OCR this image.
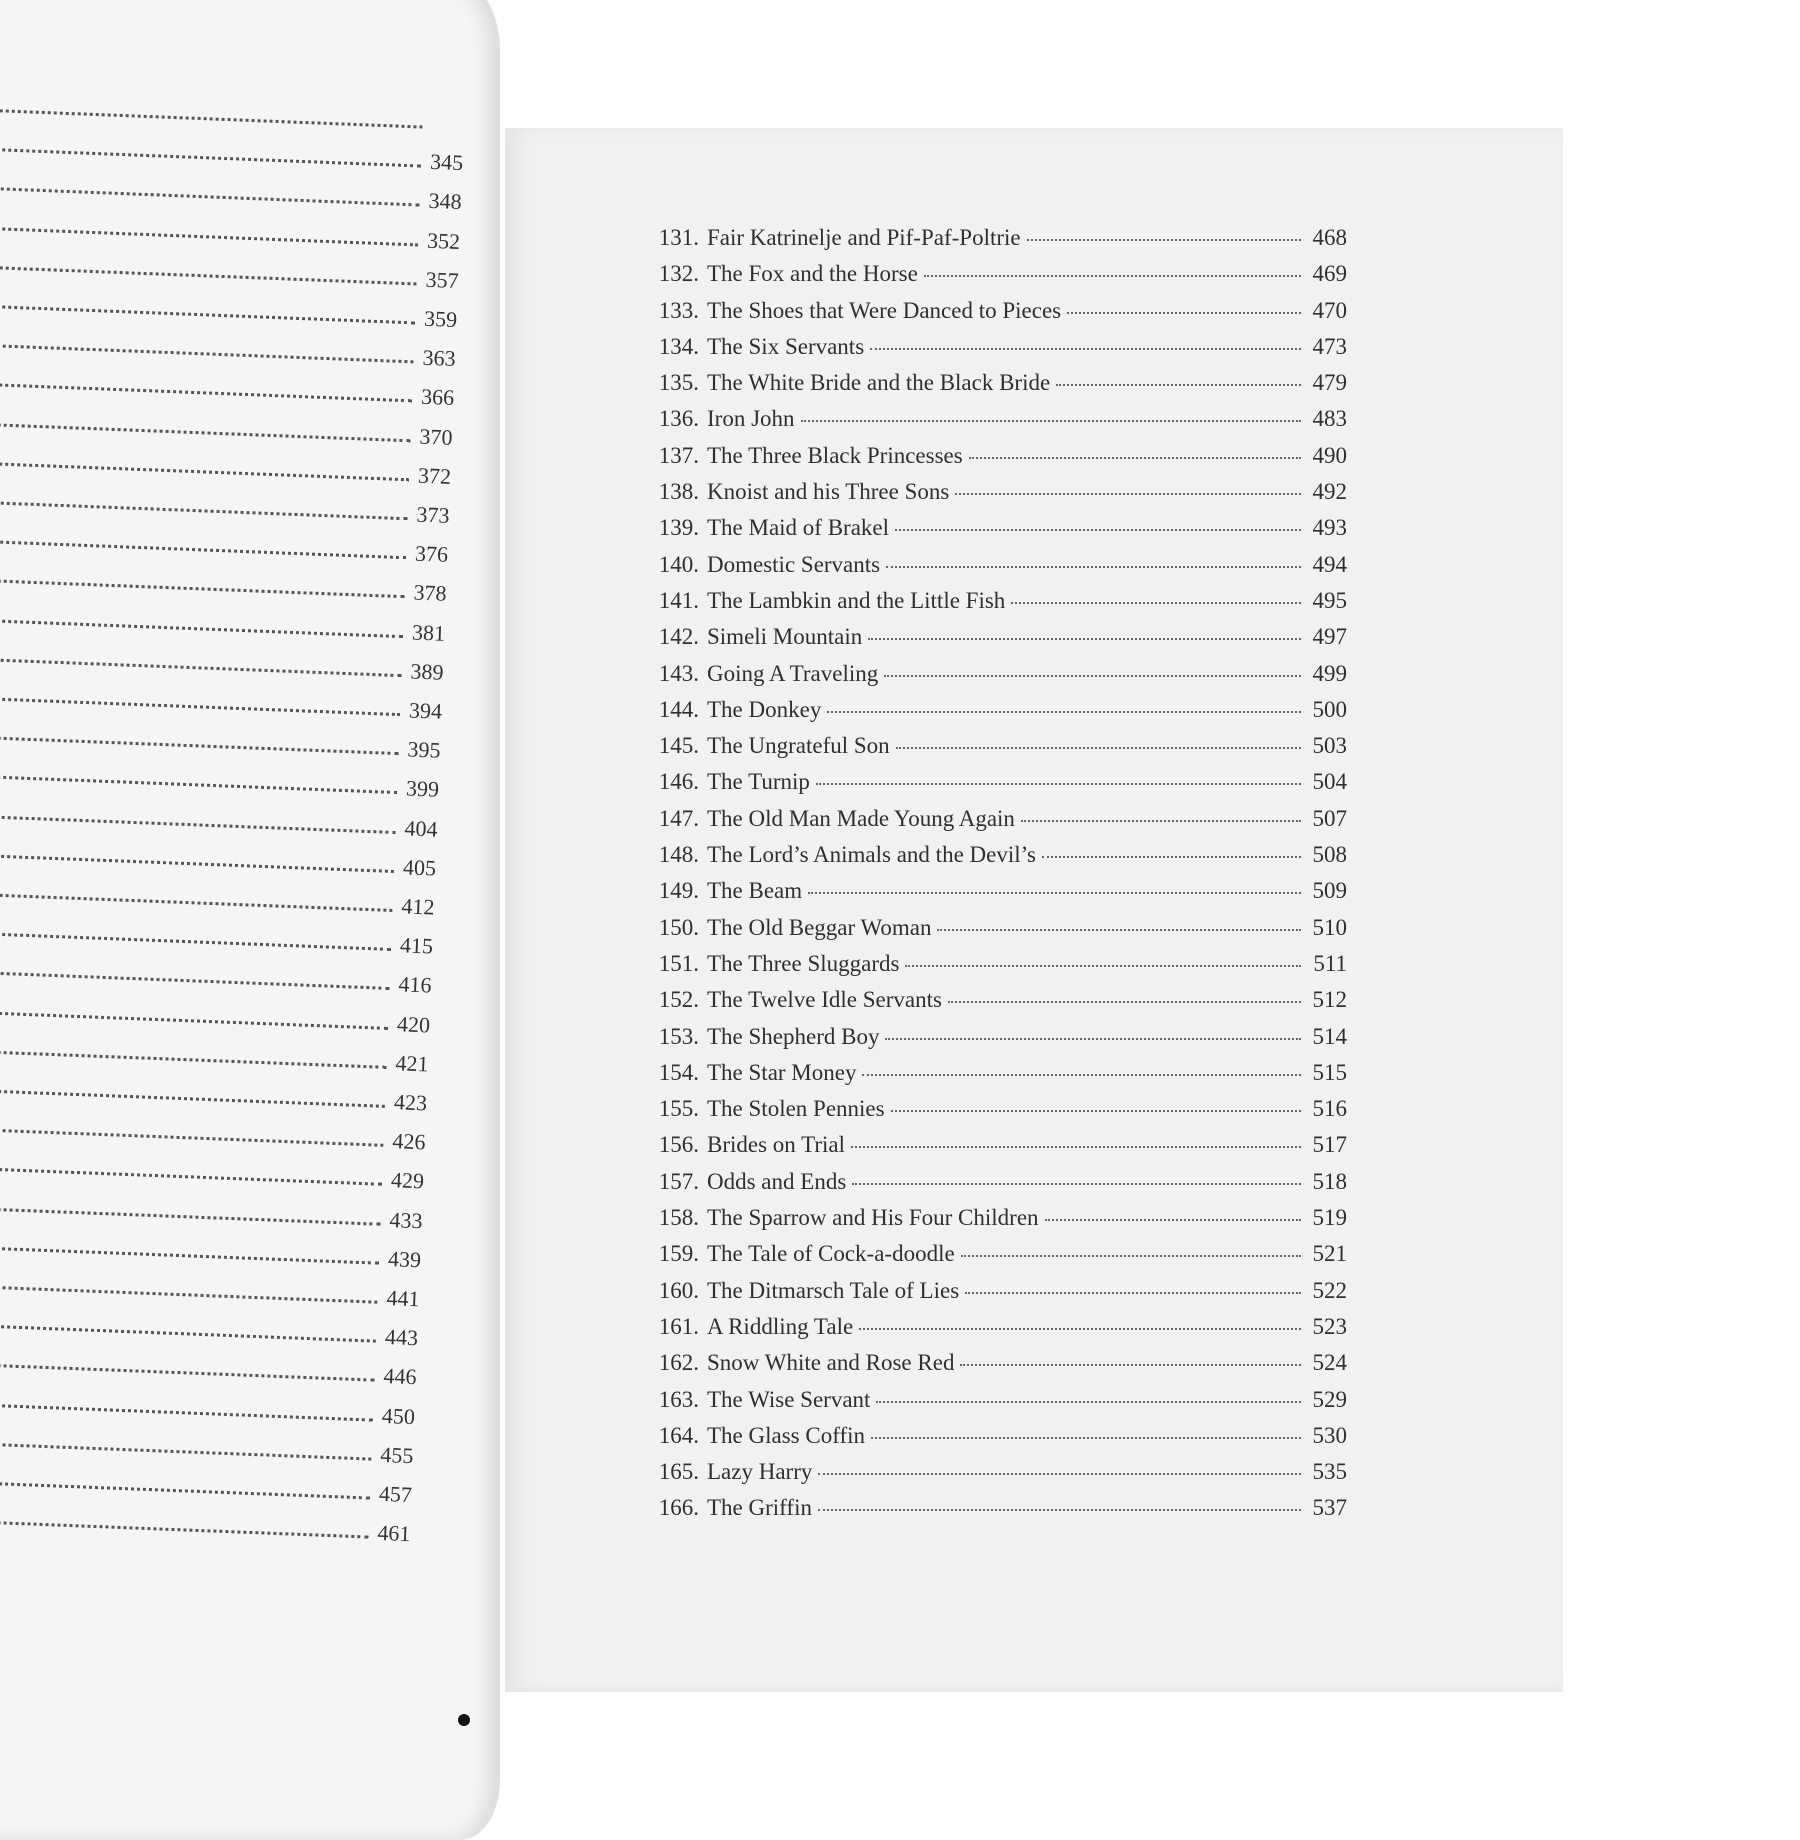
345
348
352
357
359
363
366
370
372
373
376
378
381
389
394
395
399
404
405
412
415
416
420
421
423
426
429
433
439
441
443
446
450
455
457
461
131. Fair Katrinelje and Pif-Paf-Poltrie	468
132. The Fox and the Horse	469
133. The Shoes that Were Danced to Pieces	470
134. The Six Servants	473
135. The White Bride and the Black Bride	479
136. Iron John	483
137. The Three Black Princesses	490
138. Knoist and his Three Sons	492
139. The Maid of Brakel	493
140. Domestic Servants	494
141. The Lambkin and the Little Fish	495
142. Simeli Mountain	497
143. Going A Traveling	499
144. The Donkey	500
145. The Ungrateful Son	503
146. The Turnip	504
147. The Old Man Made Young Again	507
148. The Lord’s Animals and the Devil’s	508
149. The Beam	509
150. The Old Beggar Woman	510
151. The Three Sluggards	511
152. The Twelve Idle Servants	512
153. The Shepherd Boy	514
154. The Star Money	515
155. The Stolen Pennies	516
156. Brides on Trial	517
157. Odds and Ends	518
158. The Sparrow and His Four Children	519
159. The Tale of Cock-a-doodle	521
160. The Ditmarsch Tale of Lies	522
161. A Riddling Tale	523
162. Snow White and Rose Red	524
163. The Wise Servant	529
164. The Glass Coffin	530
165. Lazy Harry	535
166. The Griffin	537
